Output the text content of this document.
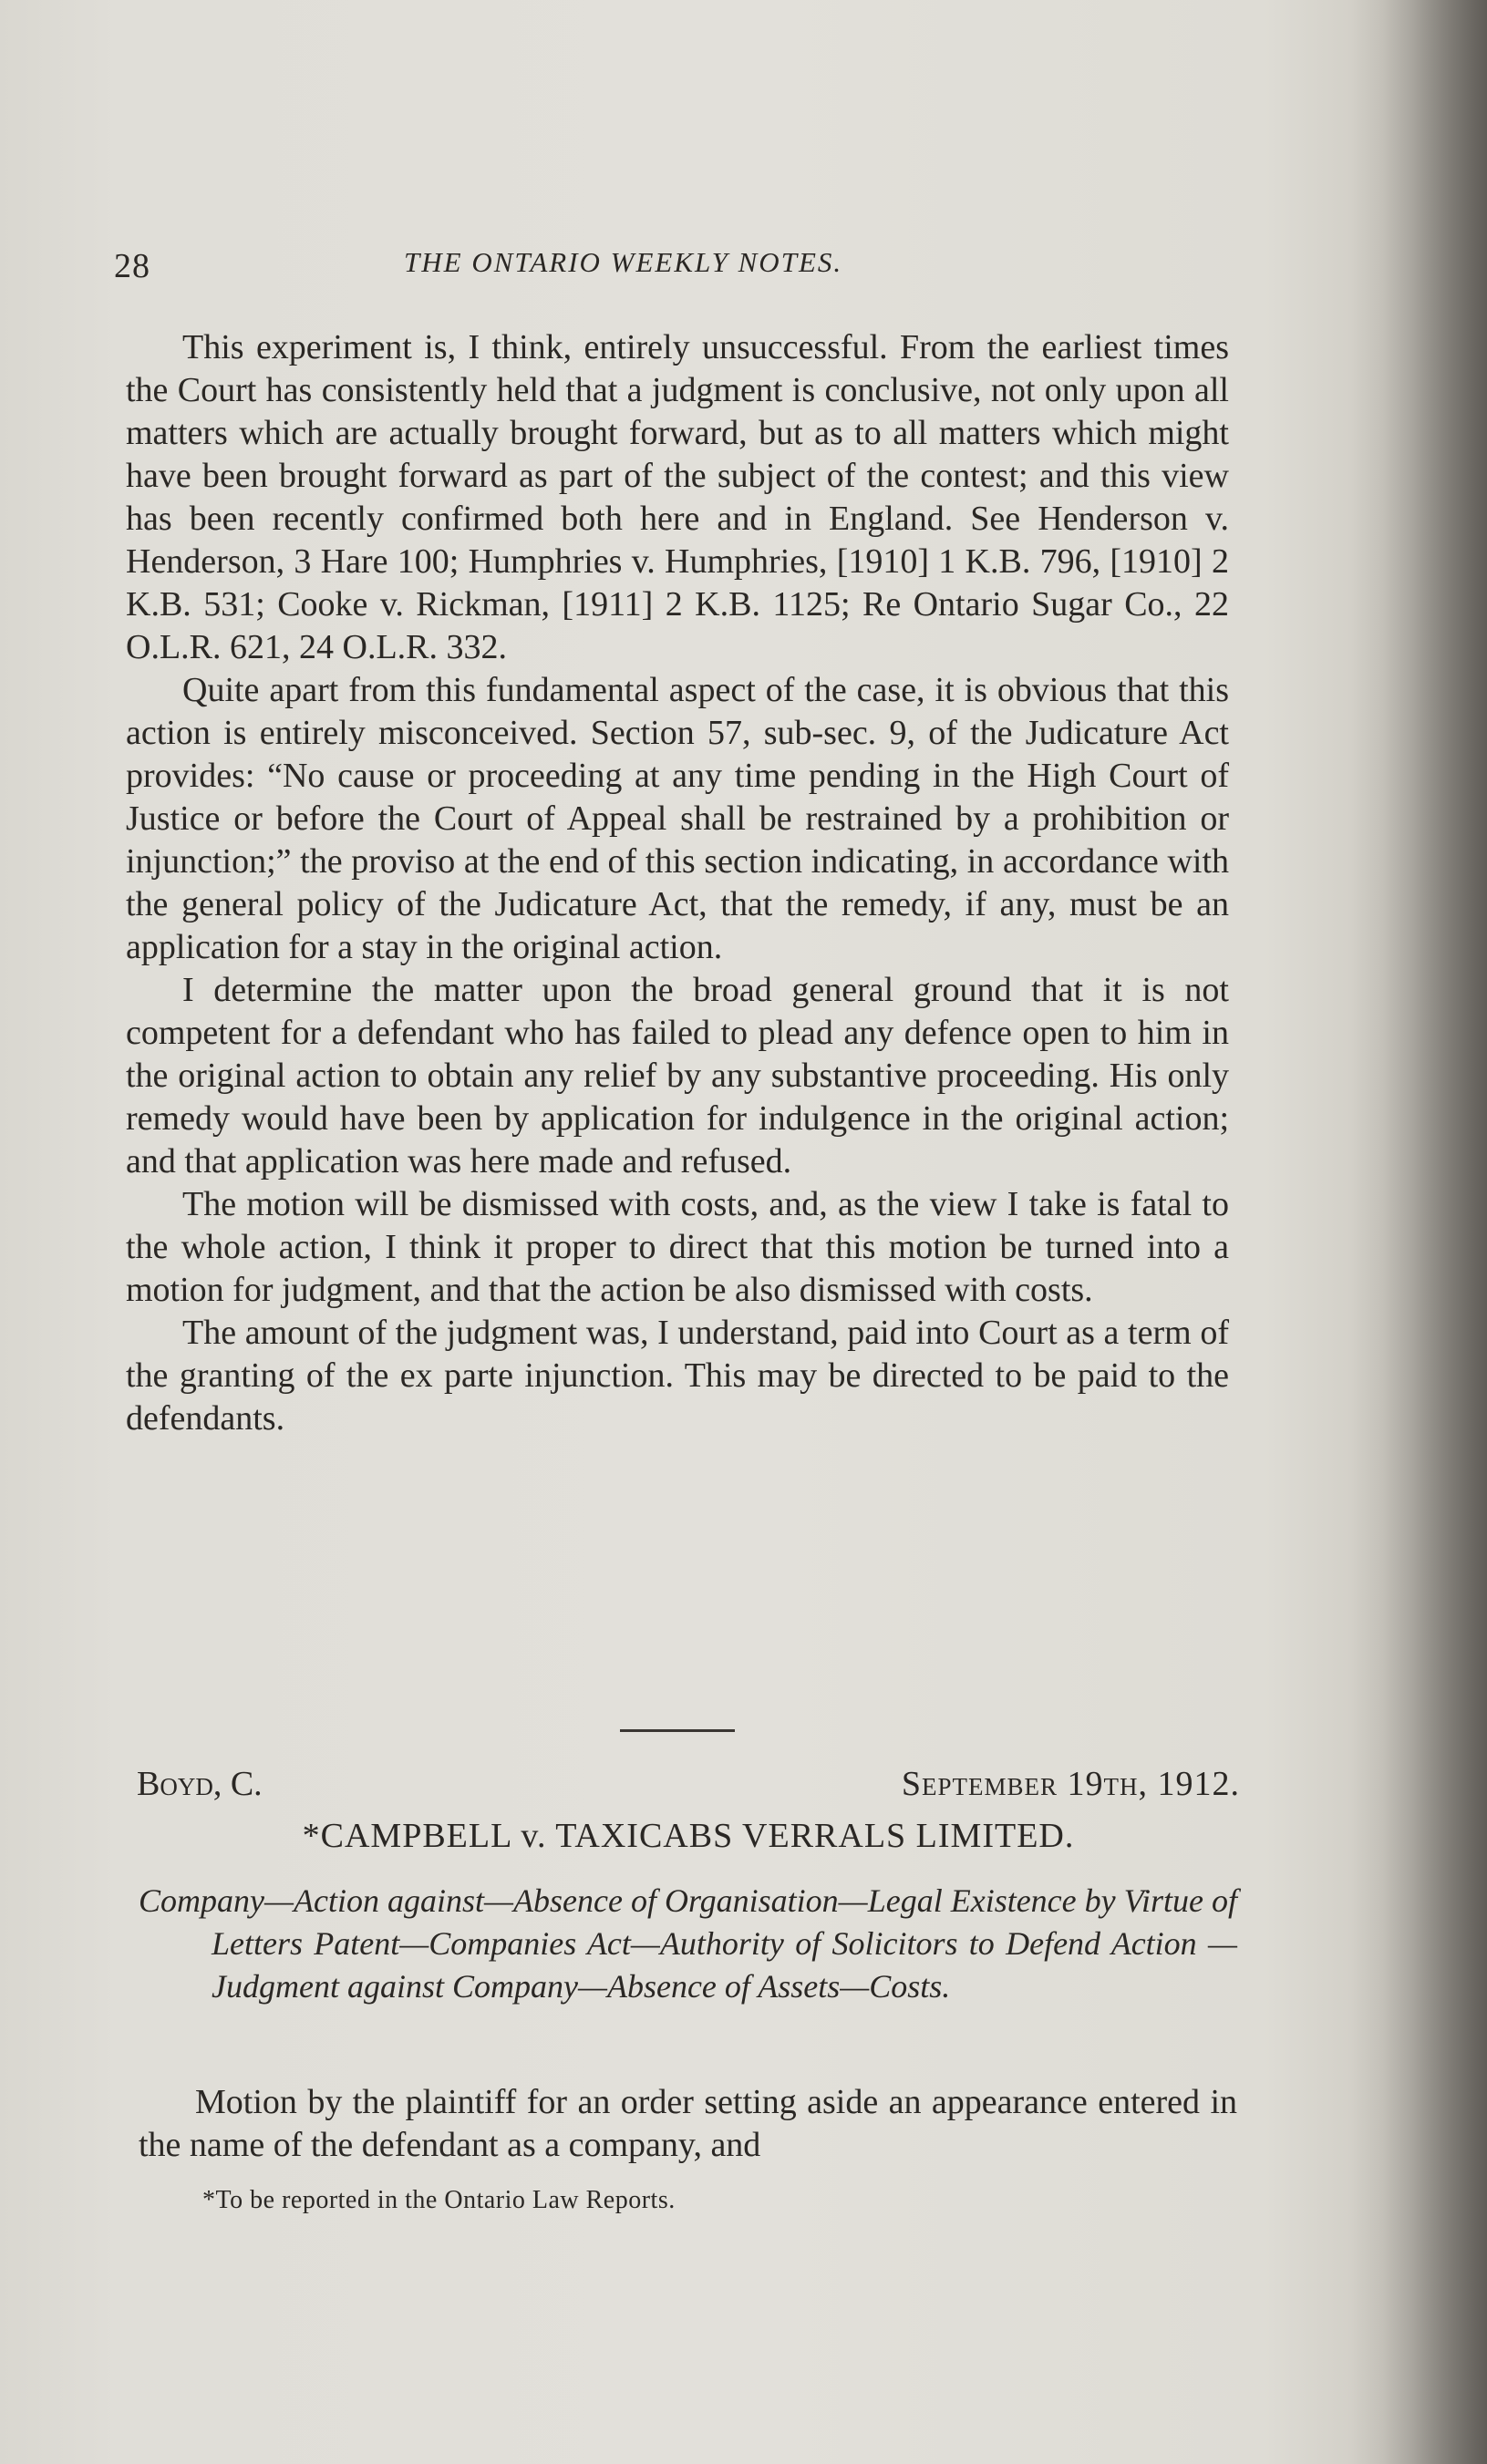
28	THE ONTARIO WEEKLY NOTES.

This experiment is, I think, entirely unsuccessful. From the earliest times the Court has consistently held that a judgment is conclusive, not only upon all matters which are actually brought forward, but as to all matters which might have been brought forward as part of the subject of the contest; and this view has been recently confirmed both here and in England. See Henderson v. Henderson, 3 Hare 100; Humphries v. Humphries, [1910] 1 K.B. 796, [1910] 2 K.B. 531; Cooke v. Rickman, [1911] 2 K.B. 1125; Re Ontario Sugar Co., 22 O.L.R. 621, 24 O.L.R. 332.

Quite apart from this fundamental aspect of the case, it is obvious that this action is entirely misconceived. Section 57, sub-sec. 9, of the Judicature Act provides: “No cause or proceeding at any time pending in the High Court of Justice or before the Court of Appeal shall be restrained by a prohibition or injunction;” the proviso at the end of this section indicating, in accordance with the general policy of the Judicature Act, that the remedy, if any, must be an application for a stay in the original action.

I determine the matter upon the broad general ground that it is not competent for a defendant who has failed to plead any defence open to him in the original action to obtain any relief by any substantive proceeding. His only remedy would have been by application for indulgence in the original action; and that application was here made and refused.

The motion will be dismissed with costs, and, as the view I take is fatal to the whole action, I think it proper to direct that this motion be turned into a motion for judgment, and that the action be also dismissed with costs.

The amount of the judgment was, I understand, paid into Court as a term of the granting of the ex parte injunction. This may be directed to be paid to the defendants.

Boyd, C.	September 19th, 1912.
*CAMPBELL v. TAXICABS VERRALS LIMITED.
Company—Action against—Absence of Organisation—Legal Existence by Virtue of Letters Patent—Companies Act—Authority of Solicitors to Defend Action — Judgment against Company—Absence of Assets—Costs.
Motion by the plaintiff for an order setting aside an appearance entered in the name of the defendant as a company, and
*To be reported in the Ontario Law Reports.
